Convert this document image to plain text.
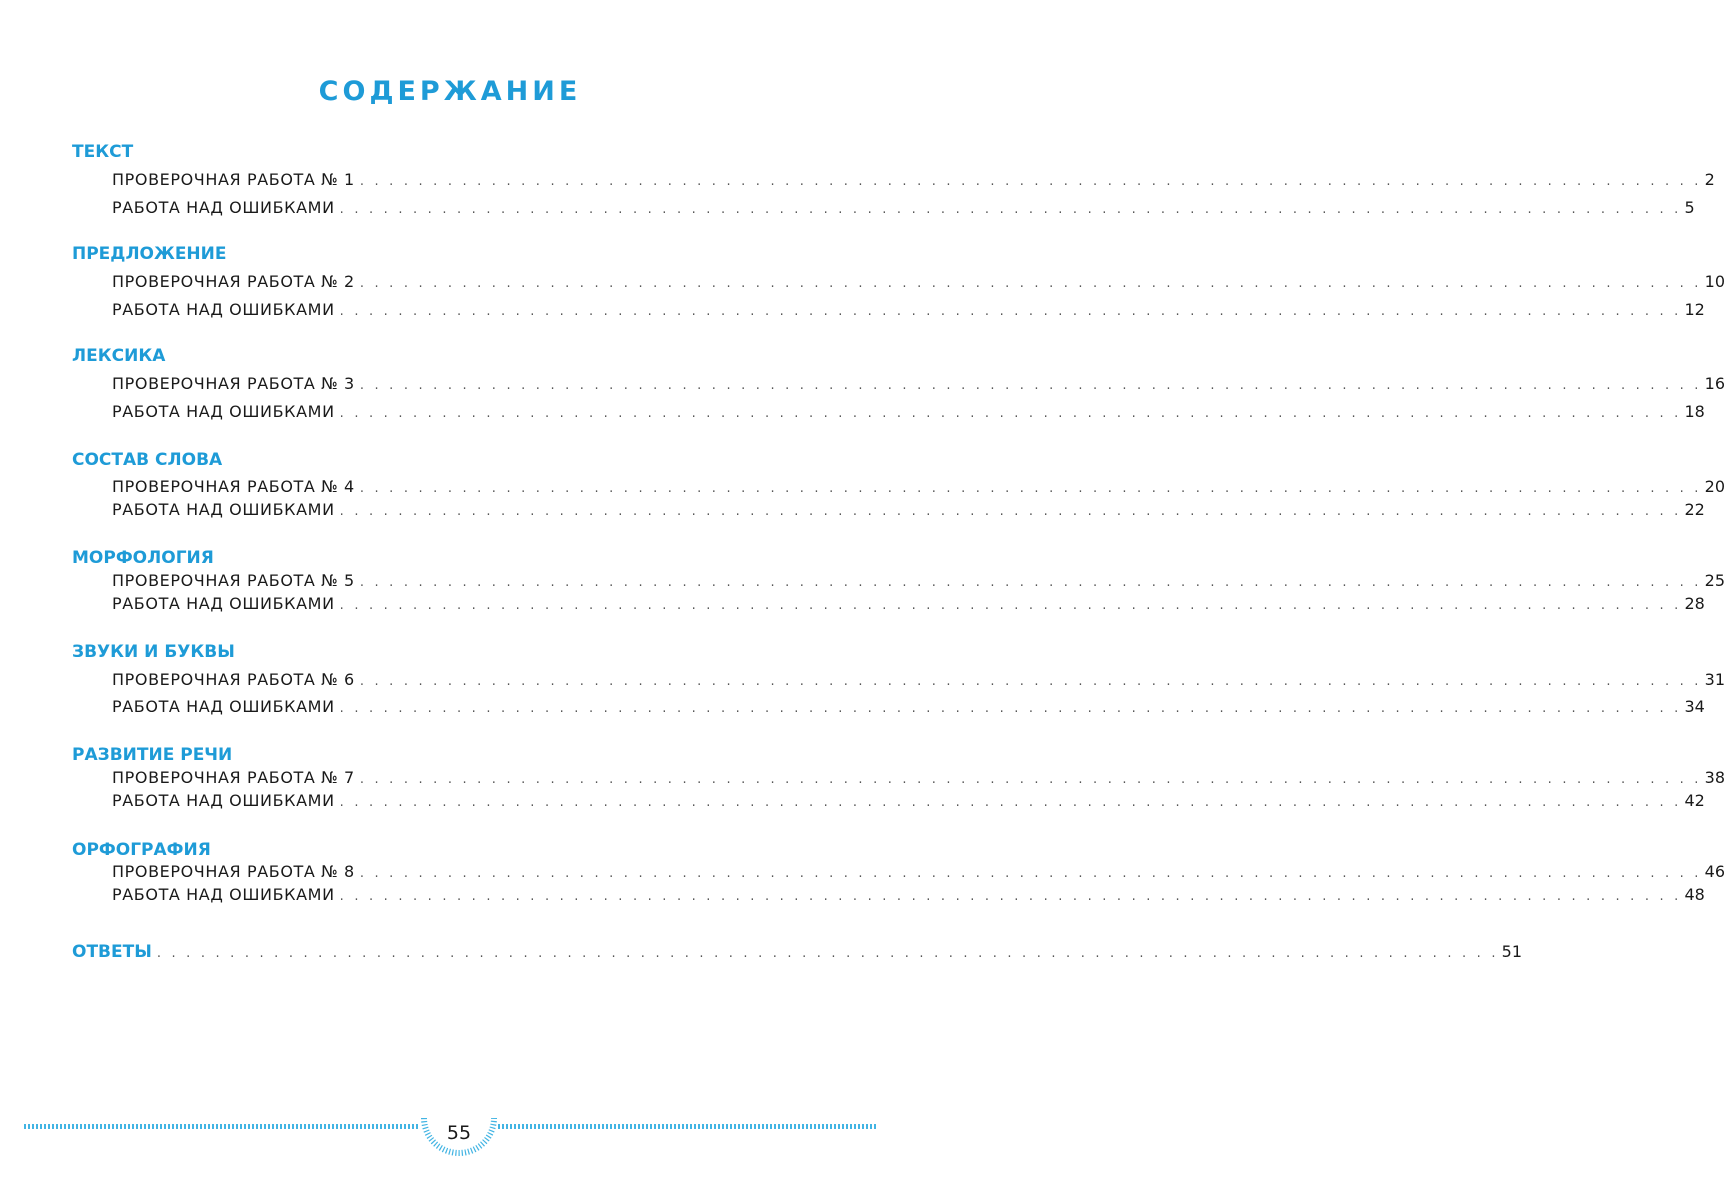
СОДЕРЖАНИЕ
ТЕКСТ
ПРОВЕРОЧНАЯ РАБОТА № 1 . . . . . . . . . . . . . . . . . . . . . . . . . . . . . . . . . . . . . . . . . . . . . . . . . . . . . . . . . . . . . . . . . . . . . . . . . . . . . . . . . . . . . . . . . . . . 2
РАБОТА НАД ОШИБКАМИ . . . . . . . . . . . . . . . . . . . . . . . . . . . . . . . . . . . . . . . . . . . . . . . . . . . . . . . . . . . . . . . . . . . . . . . . . . . . . . . . . . . . . . . . . . . . 5
ПРЕДЛОЖЕНИЕ
ПРОВЕРОЧНАЯ РАБОТА № 2 . . . . . . . . . . . . . . . . . . . . . . . . . . . . . . . . . . . . . . . . . . . . . . . . . . . . . . . . . . . . . . . . . . . . . . . . . . . . . . . . . . . . . . . . . . . . 10
РАБОТА НАД ОШИБКАМИ . . . . . . . . . . . . . . . . . . . . . . . . . . . . . . . . . . . . . . . . . . . . . . . . . . . . . . . . . . . . . . . . . . . . . . . . . . . . . . . . . . . . . . . . . . . . 12
ЛЕКСИКА
ПРОВЕРОЧНАЯ РАБОТА № 3 . . . . . . . . . . . . . . . . . . . . . . . . . . . . . . . . . . . . . . . . . . . . . . . . . . . . . . . . . . . . . . . . . . . . . . . . . . . . . . . . . . . . . . . . . . . . 16
РАБОТА НАД ОШИБКАМИ . . . . . . . . . . . . . . . . . . . . . . . . . . . . . . . . . . . . . . . . . . . . . . . . . . . . . . . . . . . . . . . . . . . . . . . . . . . . . . . . . . . . . . . . . . . . 18
СОСТАВ СЛОВА
ПРОВЕРОЧНАЯ РАБОТА № 4 . . . . . . . . . . . . . . . . . . . . . . . . . . . . . . . . . . . . . . . . . . . . . . . . . . . . . . . . . . . . . . . . . . . . . . . . . . . . . . . . . . . . . . . . . . . . 20
РАБОТА НАД ОШИБКАМИ . . . . . . . . . . . . . . . . . . . . . . . . . . . . . . . . . . . . . . . . . . . . . . . . . . . . . . . . . . . . . . . . . . . . . . . . . . . . . . . . . . . . . . . . . . . . 22
МОРФОЛОГИЯ
ПРОВЕРОЧНАЯ РАБОТА № 5 . . . . . . . . . . . . . . . . . . . . . . . . . . . . . . . . . . . . . . . . . . . . . . . . . . . . . . . . . . . . . . . . . . . . . . . . . . . . . . . . . . . . . . . . . . . . 25
РАБОТА НАД ОШИБКАМИ . . . . . . . . . . . . . . . . . . . . . . . . . . . . . . . . . . . . . . . . . . . . . . . . . . . . . . . . . . . . . . . . . . . . . . . . . . . . . . . . . . . . . . . . . . . . 28
ЗВУКИ И БУКВЫ
ПРОВЕРОЧНАЯ РАБОТА № 6 . . . . . . . . . . . . . . . . . . . . . . . . . . . . . . . . . . . . . . . . . . . . . . . . . . . . . . . . . . . . . . . . . . . . . . . . . . . . . . . . . . . . . . . . . . . . 31
РАБОТА НАД ОШИБКАМИ . . . . . . . . . . . . . . . . . . . . . . . . . . . . . . . . . . . . . . . . . . . . . . . . . . . . . . . . . . . . . . . . . . . . . . . . . . . . . . . . . . . . . . . . . . . . 34
РАЗВИТИЕ РЕЧИ
ПРОВЕРОЧНАЯ РАБОТА № 7 . . . . . . . . . . . . . . . . . . . . . . . . . . . . . . . . . . . . . . . . . . . . . . . . . . . . . . . . . . . . . . . . . . . . . . . . . . . . . . . . . . . . . . . . . . . . 38
РАБОТА НАД ОШИБКАМИ . . . . . . . . . . . . . . . . . . . . . . . . . . . . . . . . . . . . . . . . . . . . . . . . . . . . . . . . . . . . . . . . . . . . . . . . . . . . . . . . . . . . . . . . . . . . 42
ОРФОГРАФИЯ
ПРОВЕРОЧНАЯ РАБОТА № 8 . . . . . . . . . . . . . . . . . . . . . . . . . . . . . . . . . . . . . . . . . . . . . . . . . . . . . . . . . . . . . . . . . . . . . . . . . . . . . . . . . . . . . . . . . . . . 46
РАБОТА НАД ОШИБКАМИ . . . . . . . . . . . . . . . . . . . . . . . . . . . . . . . . . . . . . . . . . . . . . . . . . . . . . . . . . . . . . . . . . . . . . . . . . . . . . . . . . . . . . . . . . . . . 48
ОТВЕТЫ . . . . . . . . . . . . . . . . . . . . . . . . . . . . . . . . . . . . . . . . . . . . . . . . . . . . . . . . . . . . . . . . . . . . . . . . . . . . . . . . . . . . . . . . . . . . 51
55
